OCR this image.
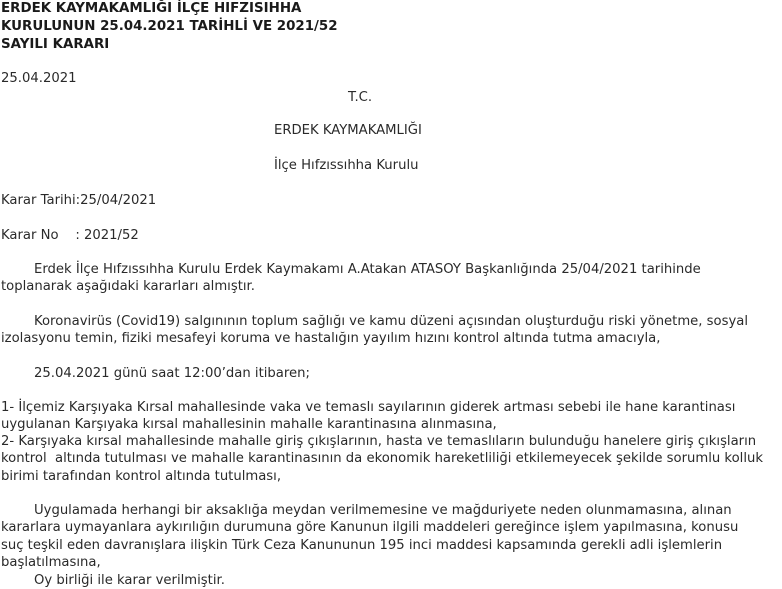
ERDEK KAYMAKAMLIĞI İLÇE HIFZISIHHA
KURULUNUN 25.04.2021 TARİHLİ VE 2021/52
SAYILI KARARI
25.04.2021
T.C.
ERDEK KAYMAKAMLIĞI
İlçe Hıfzıssıhha Kurulu
Karar Tarihi:25/04/2021
Karar No    : 2021/52
Erdek İlçe Hıfzıssıhha Kurulu Erdek Kaymakamı A.Atakan ATASOY Başkanlığında 25/04/2021 tarihinde
toplanarak aşağıdaki kararları almıştır.
Koronavirüs (Covid19) salgınının toplum sağlığı ve kamu düzeni açısından oluşturduğu riski yönetme, sosyal
izolasyonu temin, fiziki mesafeyi koruma ve hastalığın yayılım hızını kontrol altında tutma amacıyla,
25.04.2021 günü saat 12:00’dan itibaren;
1- İlçemiz Karşıyaka Kırsal mahallesinde vaka ve temaslı sayılarının giderek artması sebebi ile hane karantinası
uygulanan Karşıyaka kırsal mahallesinin mahalle karantinasına alınmasına,
2- Karşıyaka kırsal mahallesinde mahalle giriş çıkışlarının, hasta ve temaslıların bulunduğu hanelere giriş çıkışların
kontrol  altında tutulması ve mahalle karantinasının da ekonomik hareketliliği etkilemeyecek şekilde sorumlu kolluk
birimi tarafından kontrol altında tutulması,
Uygulamada herhangi bir aksaklığa meydan verilmemesine ve mağduriyete neden olunmamasına, alınan
kararlara uymayanlara aykırılığın durumuna göre Kanunun ilgili maddeleri gereğince işlem yapılmasına, konusu
suç teşkil eden davranışlara ilişkin Türk Ceza Kanununun 195 inci maddesi kapsamında gerekli adli işlemlerin
başlatılmasına,
Oy birliği ile karar verilmiştir.
